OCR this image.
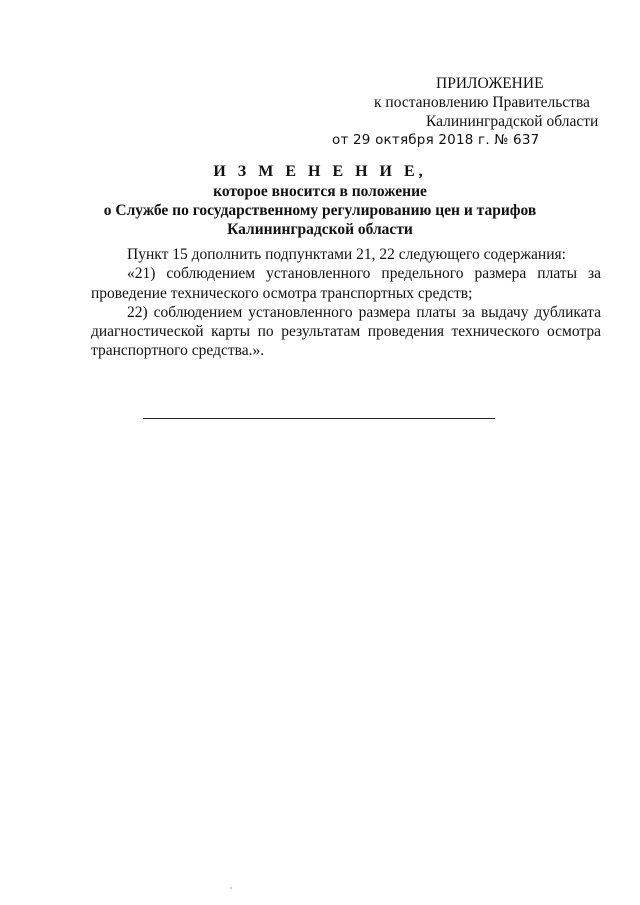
ПРИЛОЖЕНИЕ
к постановлению Правительства
Калининградской области
от 29 октября 2018 г. № 637
И З М Е Н Е Н И Е,
которое вносится в положение
о Службе по государственному регулированию цен и тарифов
Калининградской области

Пункт 15 дополнить подпунктами 21, 22 следующего содержания:

«21) соблюдением установленного предельного размера платы за

проведение технического осмотра транспортных средств;

22) соблюдением установленного размера платы за выдачу дубликата

диагностической карты по результатам проведения технического осмотра

транспортного средства.».
